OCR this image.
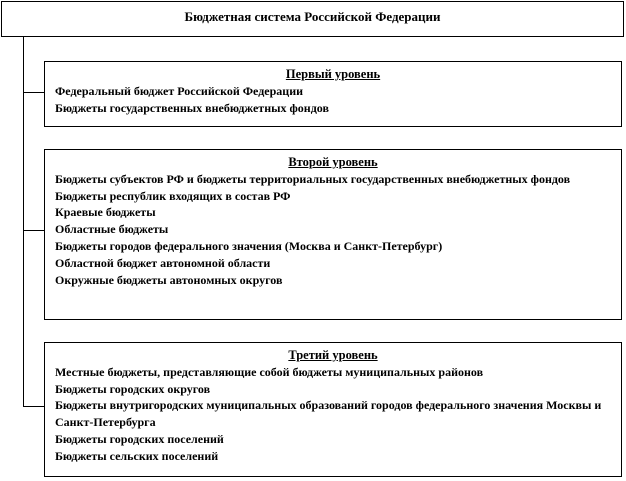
Бюджетная система Российской Федерации
Первый уровень
Федеральный бюджет Российской Федерации
Бюджеты государственных внебюджетных фондов
Второй уровень
Бюджеты субъектов РФ и бюджеты территориальных государственных внебюджетных фондов
Бюджеты республик входящих в состав РФ
Краевые бюджеты
Областные бюджеты
Бюджеты городов федерального значения (Москва и Санкт-Петербург)
Областной бюджет автономной области
Окружные бюджеты автономных округов
Третий уровень
Местные бюджеты, представляющие собой бюджеты муниципальных районов
Бюджеты городских округов
Бюджеты внутригородских муниципальных образований городов федерального значения Москвы и Санкт-Петербурга
Бюджеты городских поселений
Бюджеты сельских поселений
